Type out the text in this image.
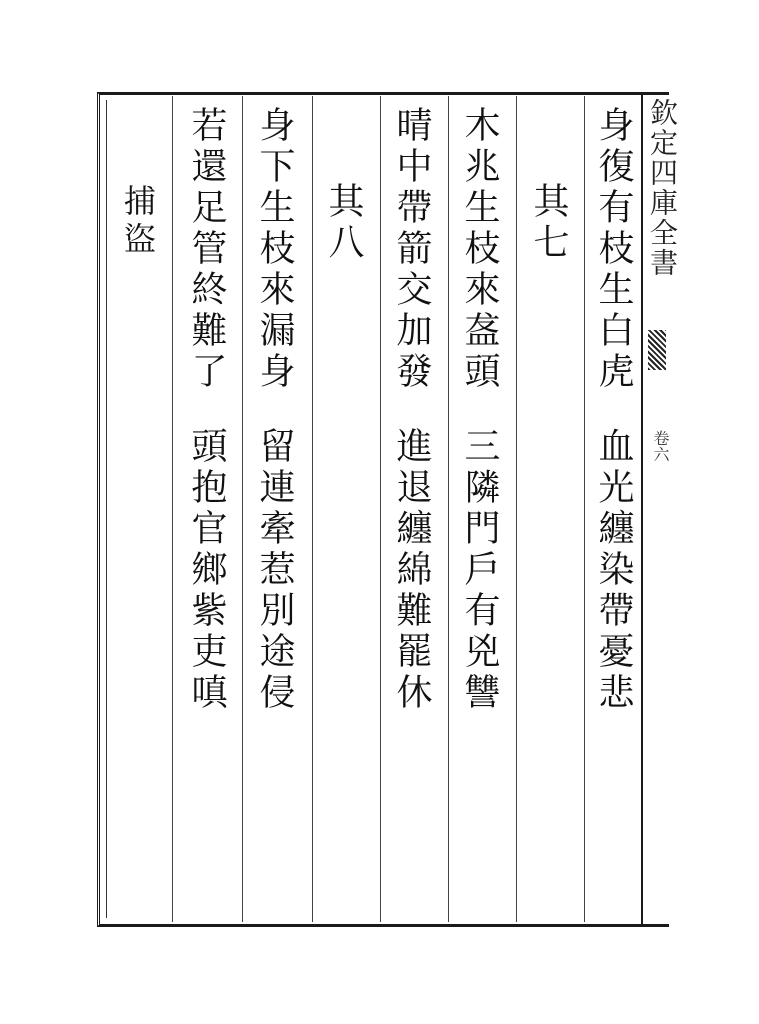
欽定四庫全書
卷六
身復有枝生白虎血光纏染帶憂悲
其七
木兆生枝來盋頭三隣門戶有兇讐
晴中帶箭交加發進退纏綿難罷休
其八
身下生枝來漏身留連牽惹別途侵
若還足管終難了頭抱官鄉紫吏嗔
捕盜
